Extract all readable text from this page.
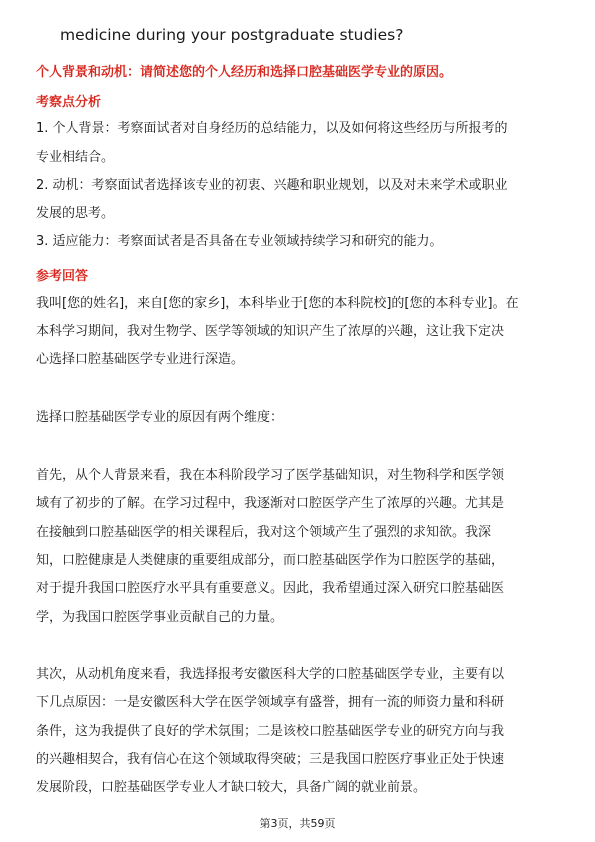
medicine during your postgraduate studies?
个人背景和动机：请简述您的个人经历和选择口腔基础医学专业的原因。
考察点分析
1. 个人背景：考察面试者对自身经历的总结能力，以及如何将这些经历与所报考的
专业相结合。
2. 动机：考察面试者选择该专业的初衷、兴趣和职业规划，以及对未来学术或职业
发展的思考。
3. 适应能力：考察面试者是否具备在专业领域持续学习和研究的能力。
参考回答
我叫[您的姓名]，来自[您的家乡]，本科毕业于[您的本科院校]的[您的本科专业]。在
本科学习期间，我对生物学、医学等领域的知识产生了浓厚的兴趣，这让我下定决
心选择口腔基础医学专业进行深造。
选择口腔基础医学专业的原因有两个维度：
首先，从个人背景来看，我在本科阶段学习了医学基础知识，对生物科学和医学领
域有了初步的了解。在学习过程中，我逐渐对口腔医学产生了浓厚的兴趣。尤其是
在接触到口腔基础医学的相关课程后，我对这个领域产生了强烈的求知欲。我深
知，口腔健康是人类健康的重要组成部分，而口腔基础医学作为口腔医学的基础，
对于提升我国口腔医疗水平具有重要意义。因此，我希望通过深入研究口腔基础医
学，为我国口腔医学事业贡献自己的力量。
其次，从动机角度来看，我选择报考安徽医科大学的口腔基础医学专业，主要有以
下几点原因：一是安徽医科大学在医学领域享有盛誉，拥有一流的师资力量和科研
条件，这为我提供了良好的学术氛围；二是该校口腔基础医学专业的研究方向与我
的兴趣相契合，我有信心在这个领域取得突破；三是我国口腔医疗事业正处于快速
发展阶段，口腔基础医学专业人才缺口较大，具备广阔的就业前景。
第3页，共59页
